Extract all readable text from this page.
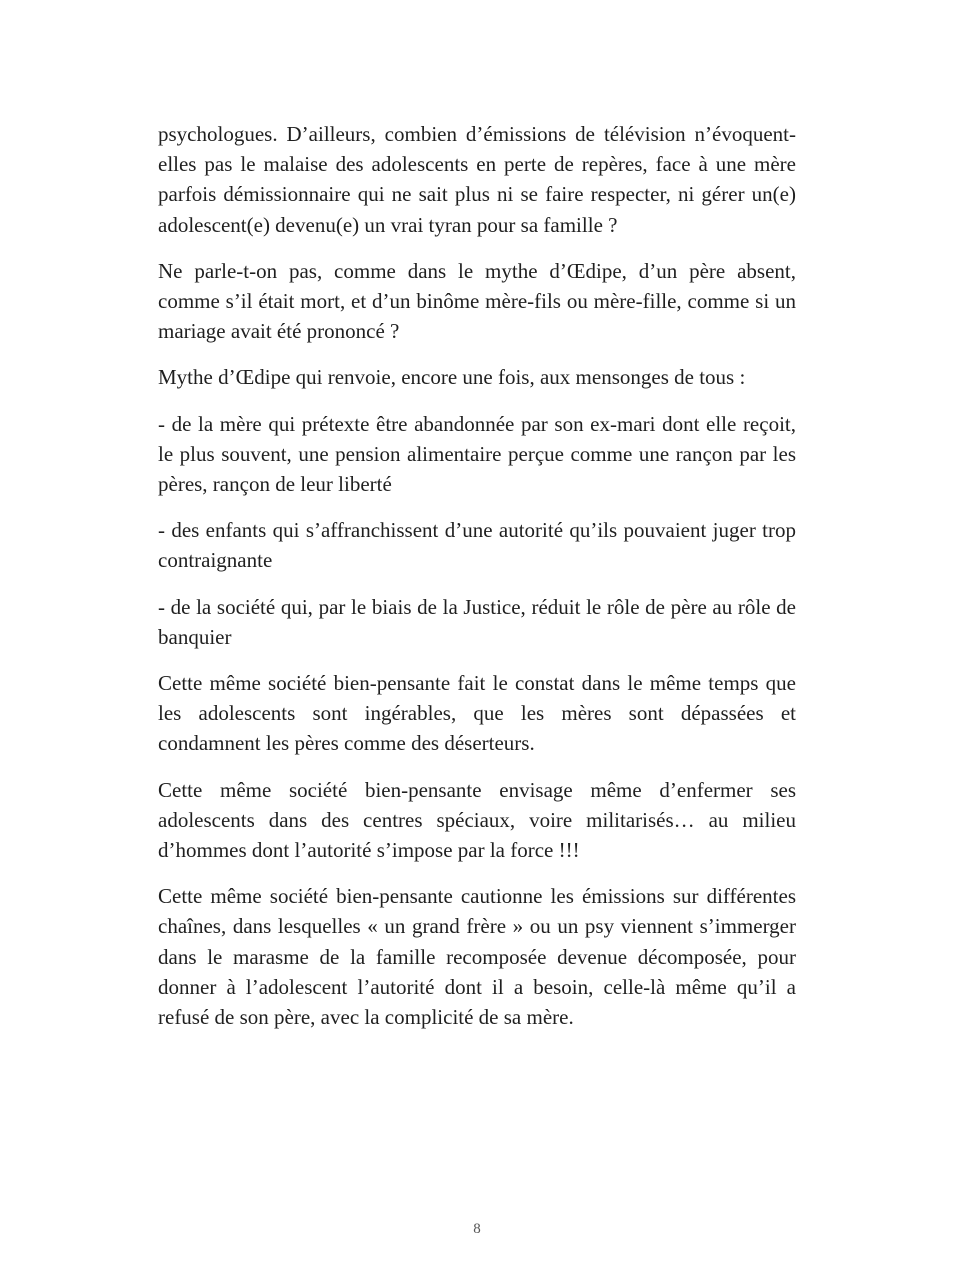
psychologues. D’ailleurs, combien d’émissions de télévision n’évoquent-elles pas le malaise des adolescents en perte de repères, face à une mère parfois démissionnaire qui ne sait plus ni se faire respecter, ni gérer un(e) adolescent(e) devenu(e) un vrai tyran pour sa famille ?

Ne parle-t-on pas, comme dans le mythe d’Œdipe, d’un père absent, comme s’il était mort, et d’un binôme mère-fils ou mère-fille, comme si un mariage avait été prononcé ?

Mythe d’Œdipe qui renvoie, encore une fois, aux mensonges de tous :

- de la mère qui prétexte être abandonnée par son ex-mari dont elle reçoit, le plus souvent, une pension alimentaire perçue comme une rançon par les pères, rançon de leur liberté

- des enfants qui s’affranchissent d’une autorité qu’ils pouvaient juger trop contraignante

- de la société qui, par le biais de la Justice, réduit le rôle de père au rôle de banquier

Cette même société bien-pensante fait le constat dans le même temps que les adolescents sont ingérables, que les mères sont dépassées et condamnent les pères comme des déserteurs.

Cette même société bien-pensante envisage même d’enfermer ses adolescents dans des centres spéciaux, voire militarisés… au milieu d’hommes dont l’autorité s’impose par la force !!!

Cette même société bien-pensante cautionne les émissions sur différentes chaînes, dans lesquelles « un grand frère » ou un psy viennent s’immerger dans le marasme de la famille recomposée devenue décomposée, pour donner à l’adolescent l’autorité dont il a besoin, celle-là même qu’il a refusé de son père, avec la complicité de sa mère.

8
